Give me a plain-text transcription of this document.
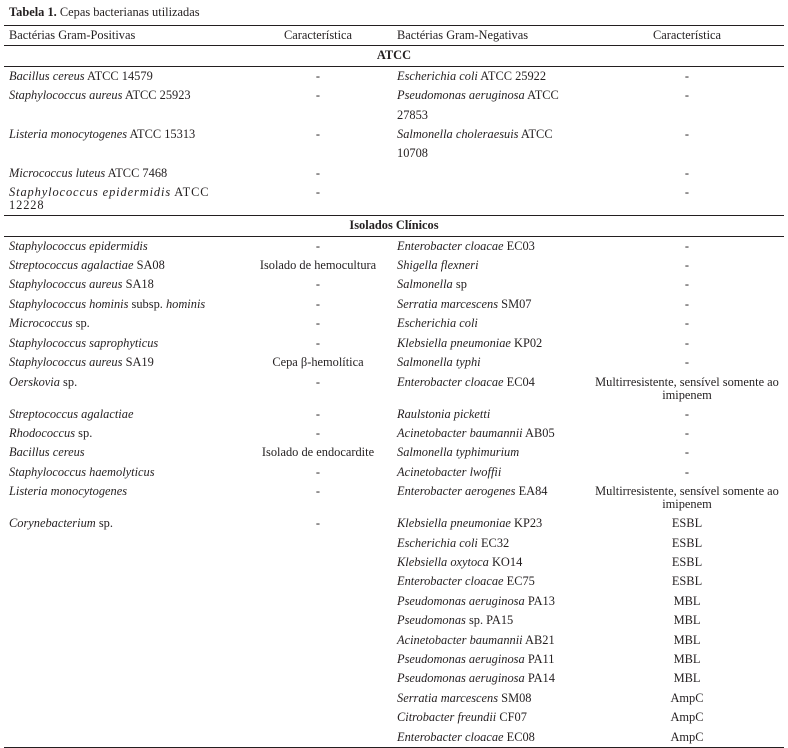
Tabela 1. Cepas bacterianas utilizadas
Bactérias Gram-Positivas	Característica	Bactérias Gram-Negativas	Característica
ATCC			
Bacillus cereus ATCC 14579	-	Escherichia coli ATCC 25922	-
Staphylococcus aureus ATCC 25923	-	Pseudomonas aeruginosa ATCC 27853	-
Listeria monocytogenes ATCC 15313	-	Salmonella choleraesuis ATCC 10708	-
Micrococcus luteus ATCC 7468	-		-
Staphylococcus epidermidis ATCC 12228	-		-
Isolados Clínicos			
Staphylococcus epidermidis	-	Enterobacter cloacae EC03	-
Streptococcus agalactiae SA08	Isolado de hemocultura	Shigella flexneri	-
Staphylococcus aureus SA18	-	Salmonella sp	-
Staphylococcus hominis subsp. hominis	-	Serratia marcescens SM07	-
Micrococcus sp.	-	Escherichia coli	-
Staphylococcus saprophyticus	-	Klebsiella pneumoniae KP02	-
Staphylococcus aureus SA19	Cepa β-hemolítica	Salmonella typhi	-
Oerskovia sp.	-	Enterobacter cloacae EC04	Multirresistente, sensível somente ao imipenem
Streptococcus agalactiae	-	Raulstonia picketti	-
Rhodococcus sp.	-	Acinetobacter baumannii AB05	-
Bacillus cereus	Isolado de endocardite	Salmonella typhimurium	-
Staphylococcus haemolyticus	-	Acinetobacter lwoffii	-
Listeria monocytogenes	-	Enterobacter aerogenes EA84	Multirresistente, sensível somente ao imipenem
Corynebacterium sp.	-	Klebsiella pneumoniae KP23	ESBL
		Escherichia coli EC32	ESBL
		Klebsiella oxytoca KO14	ESBL
		Enterobacter cloacae EC75	ESBL
		Pseudomonas aeruginosa PA13	MBL
		Pseudomonas sp. PA15	MBL
		Acinetobacter baumannii AB21	MBL
		Pseudomonas aeruginosa PA11	MBL
		Pseudomonas aeruginosa PA14	MBL
		Serratia marcescens SM08	AmpC
		Citrobacter freundii CF07	AmpC
		Enterobacter cloacae EC08	AmpC
